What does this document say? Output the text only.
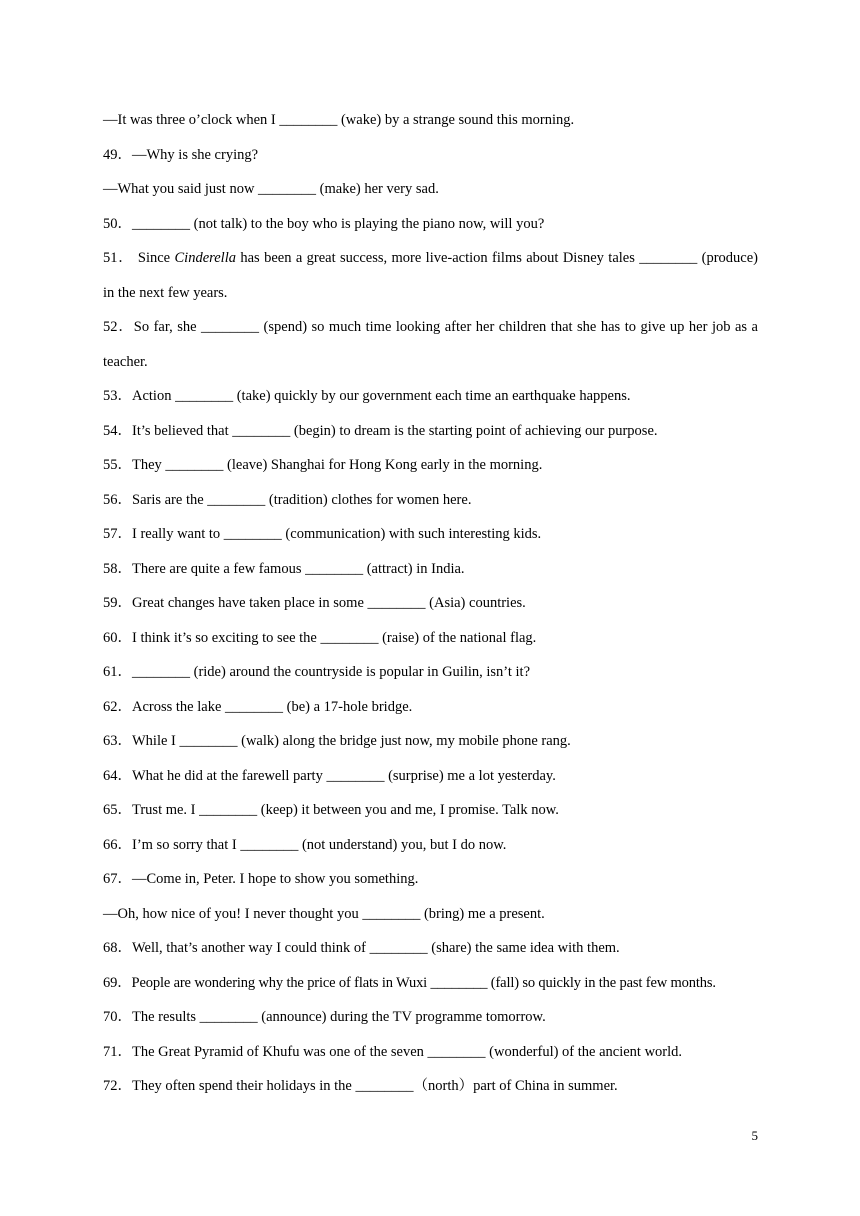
—It was three o’clock when I ________ (wake) by a strange sound this morning.
49．—Why is she crying?
—What you said just now ________ (make) her very sad.
50．________ (not talk) to the boy who is playing the piano now, will you?
51． Since Cinderella has been a great success, more live-action films about Disney tales ________ (produce) in the next few years.
52．So far, she ________ (spend) so much time looking after her children that she has to give up her job as a teacher.
53．Action ________ (take) quickly by our government each time an earthquake happens.
54．It’s believed that ________ (begin) to dream is the starting point of achieving our purpose.
55．They ________ (leave) Shanghai for Hong Kong early in the morning.
56．Saris are the ________ (tradition) clothes for women here.
57．I really want to ________ (communication) with such interesting kids.
58．There are quite a few famous ________ (attract) in India.
59．Great changes have taken place in some ________ (Asia) countries.
60．I think it’s so exciting to see the ________ (raise) of the national flag.
61．________ (ride) around the countryside is popular in Guilin, isn’t it?
62．Across the lake ________ (be) a 17-hole bridge.
63．While I ________ (walk) along the bridge just now, my mobile phone rang.
64．What he did at the farewell party ________ (surprise) me a lot yesterday.
65．Trust me. I ________ (keep) it between you and me, I promise. Talk now.
66．I’m so sorry that I ________ (not understand) you, but I do now.
67．—Come in, Peter. I hope to show you something.
—Oh, how nice of you! I never thought you ________ (bring) me a present.
68．Well, that’s another way I could think of ________ (share) the same idea with them.
69．People are wondering why the price of flats in Wuxi ________ (fall) so quickly in the past few months.
70．The results ________ (announce) during the TV programme tomorrow.
71．The Great Pyramid of Khufu was one of the seven ________ (wonderful) of the ancient world.
72．They often spend their holidays in the ________（north）part of China in summer.
5
